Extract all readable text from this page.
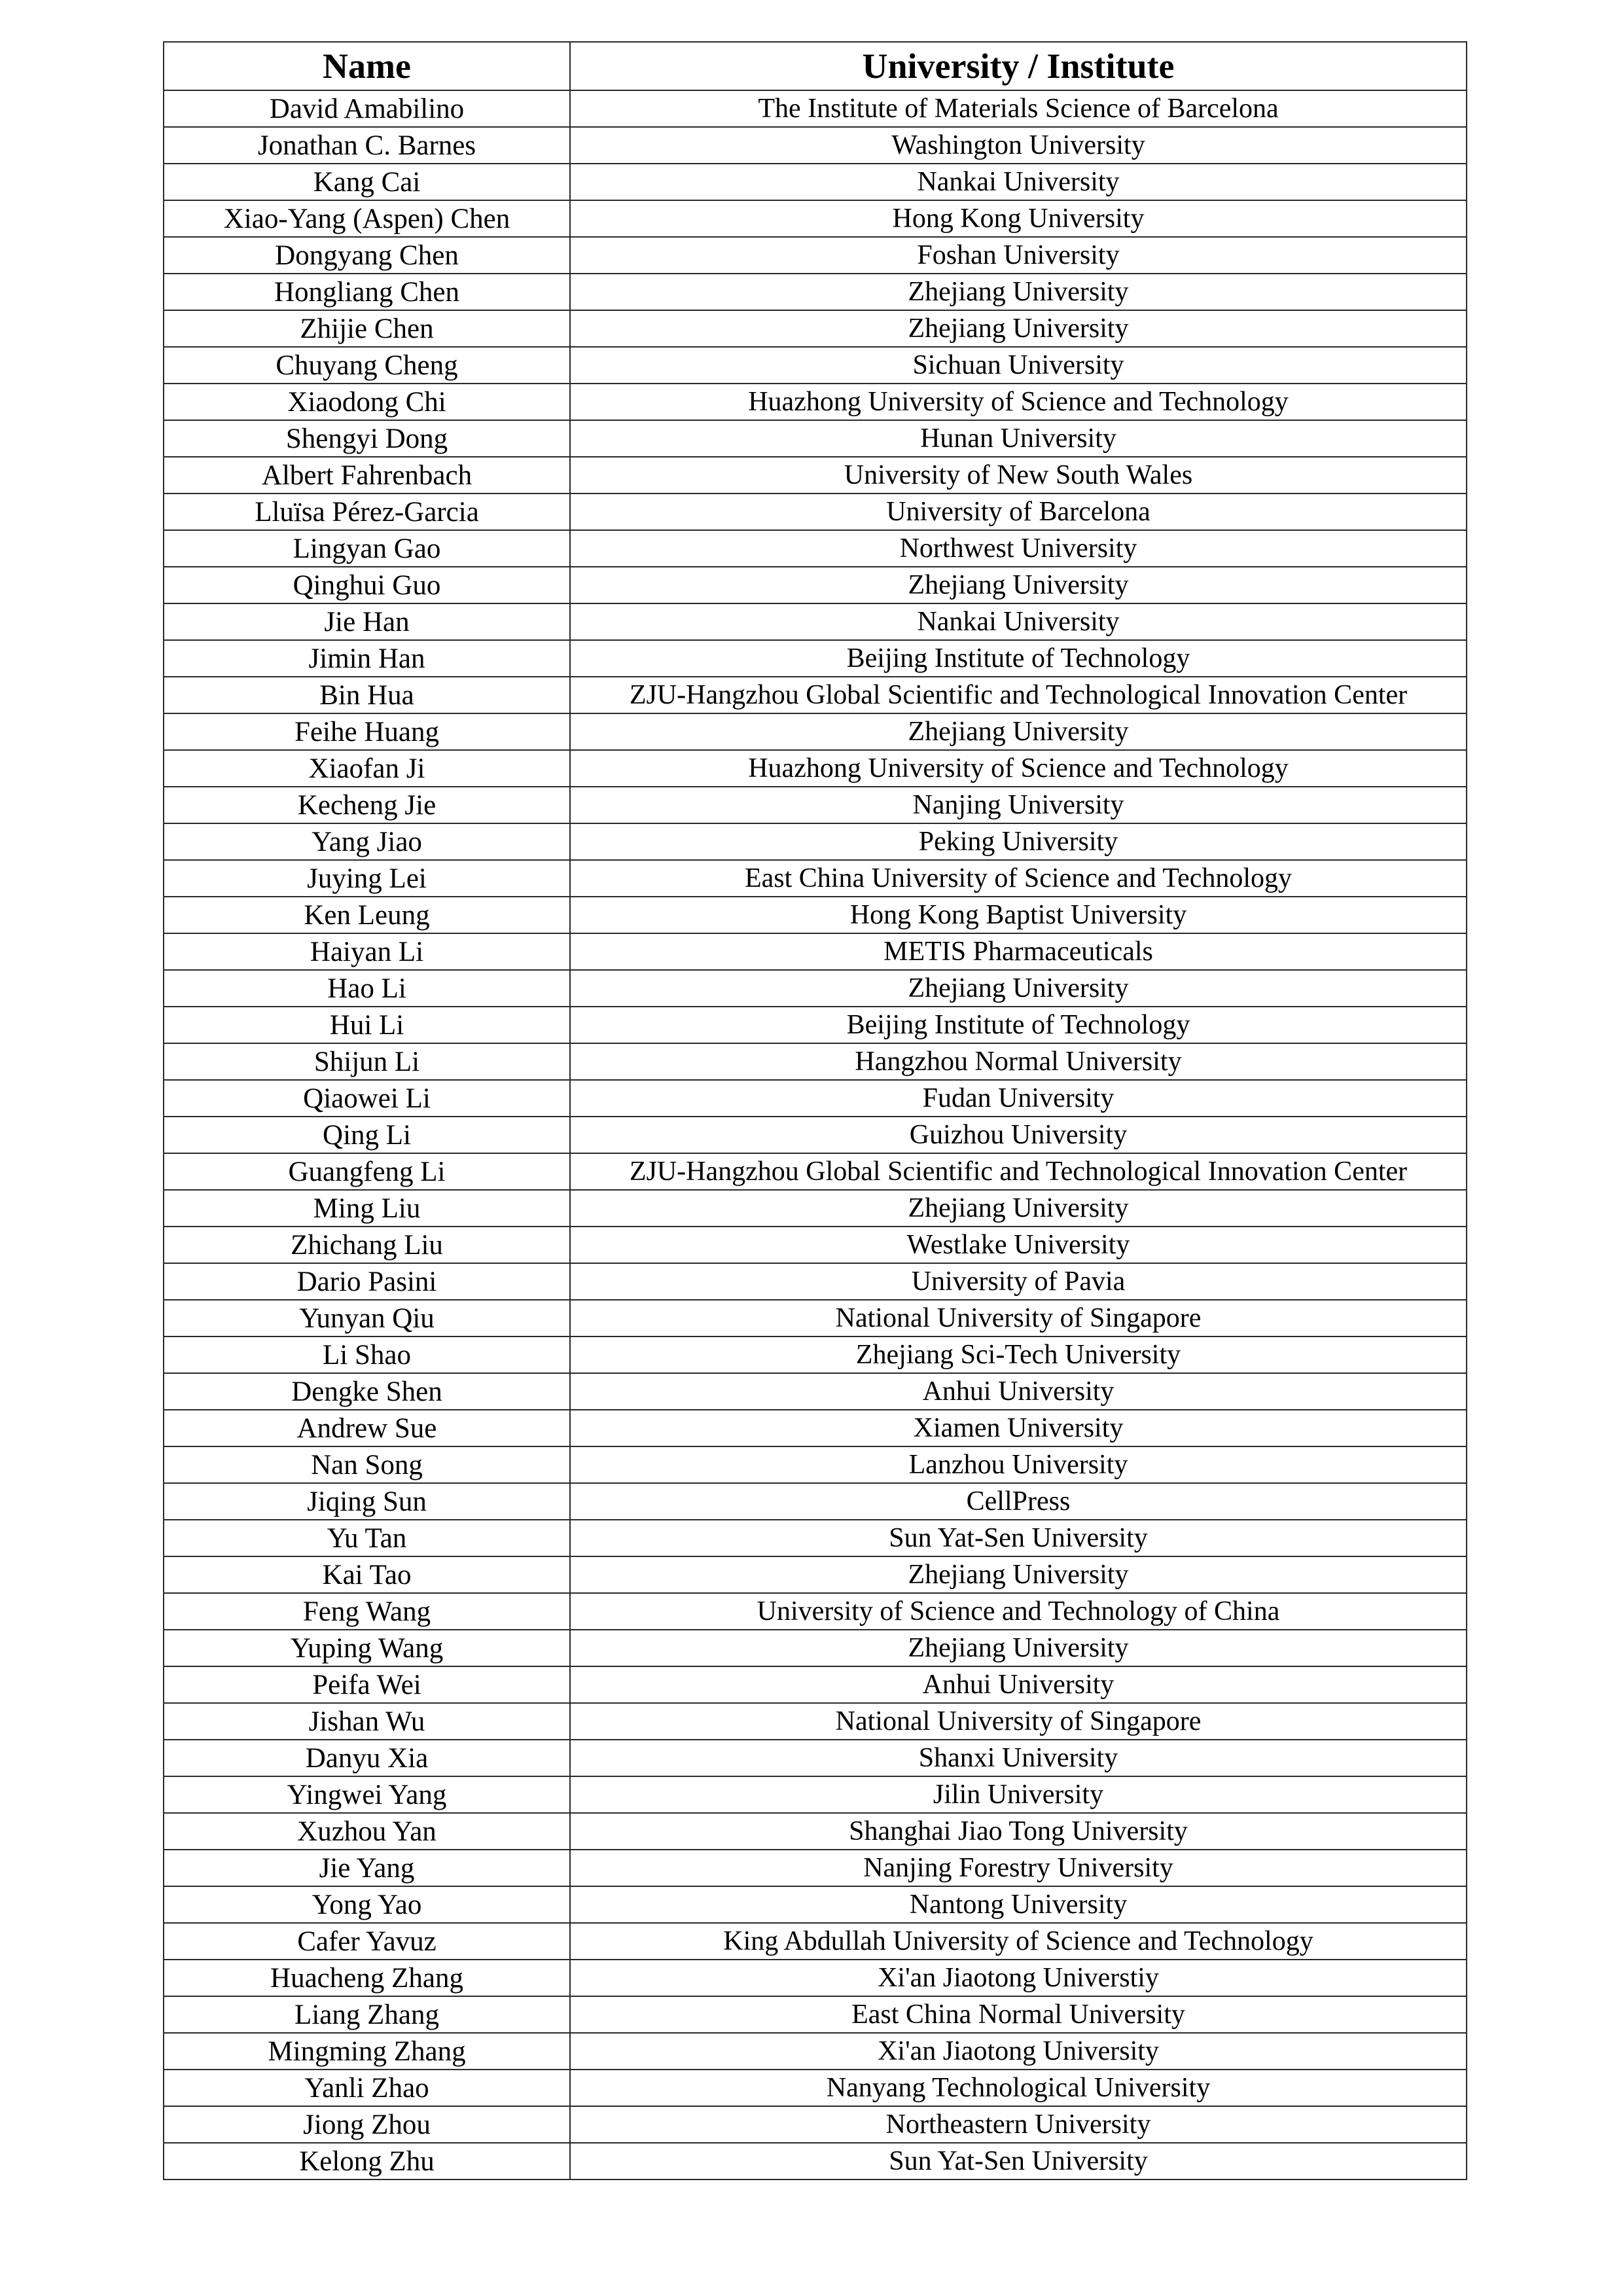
Name	University / Institute
David Amabilino	The Institute of Materials Science of Barcelona
Jonathan C. Barnes	Washington University
Kang Cai	Nankai University
Xiao-Yang (Aspen) Chen	Hong Kong University
Dongyang Chen	Foshan University
Hongliang Chen	Zhejiang University
Zhijie Chen	Zhejiang University
Chuyang Cheng	Sichuan University
Xiaodong Chi	Huazhong University of Science and Technology
Shengyi Dong	Hunan University
Albert Fahrenbach	University of New South Wales
Lluïsa Pérez-Garcia	University of Barcelona
Lingyan Gao	Northwest University
Qinghui Guo	Zhejiang University
Jie Han	Nankai University
Jimin Han	Beijing Institute of Technology
Bin Hua	ZJU-Hangzhou Global Scientific and Technological Innovation Center
Feihe Huang	Zhejiang University
Xiaofan Ji	Huazhong University of Science and Technology
Kecheng Jie	Nanjing University
Yang Jiao	Peking University
Juying Lei	East China University of Science and Technology
Ken Leung	Hong Kong Baptist University
Haiyan Li	METIS Pharmaceuticals
Hao Li	Zhejiang University
Hui Li	Beijing Institute of Technology
Shijun Li	Hangzhou Normal University
Qiaowei Li	Fudan University
Qing Li	Guizhou University
Guangfeng Li	ZJU-Hangzhou Global Scientific and Technological Innovation Center
Ming Liu	Zhejiang University
Zhichang Liu	Westlake University
Dario Pasini	University of Pavia
Yunyan Qiu	National University of Singapore
Li Shao	Zhejiang Sci-Tech University
Dengke Shen	Anhui University
Andrew Sue	Xiamen University
Nan Song	Lanzhou University
Jiqing Sun	CellPress
Yu Tan	Sun Yat-Sen University
Kai Tao	Zhejiang University
Feng Wang	University of Science and Technology of China
Yuping Wang	Zhejiang University
Peifa Wei	Anhui University
Jishan Wu	National University of Singapore
Danyu Xia	Shanxi University
Yingwei Yang	Jilin University
Xuzhou Yan	Shanghai Jiao Tong University
Jie Yang	Nanjing Forestry University
Yong Yao	Nantong University
Cafer Yavuz	King Abdullah University of Science and Technology
Huacheng Zhang	Xi'an Jiaotong Universtiy
Liang Zhang	East China Normal University
Mingming Zhang	Xi'an Jiaotong University
Yanli Zhao	Nanyang Technological University
Jiong Zhou	Northeastern University
Kelong Zhu	Sun Yat-Sen University
